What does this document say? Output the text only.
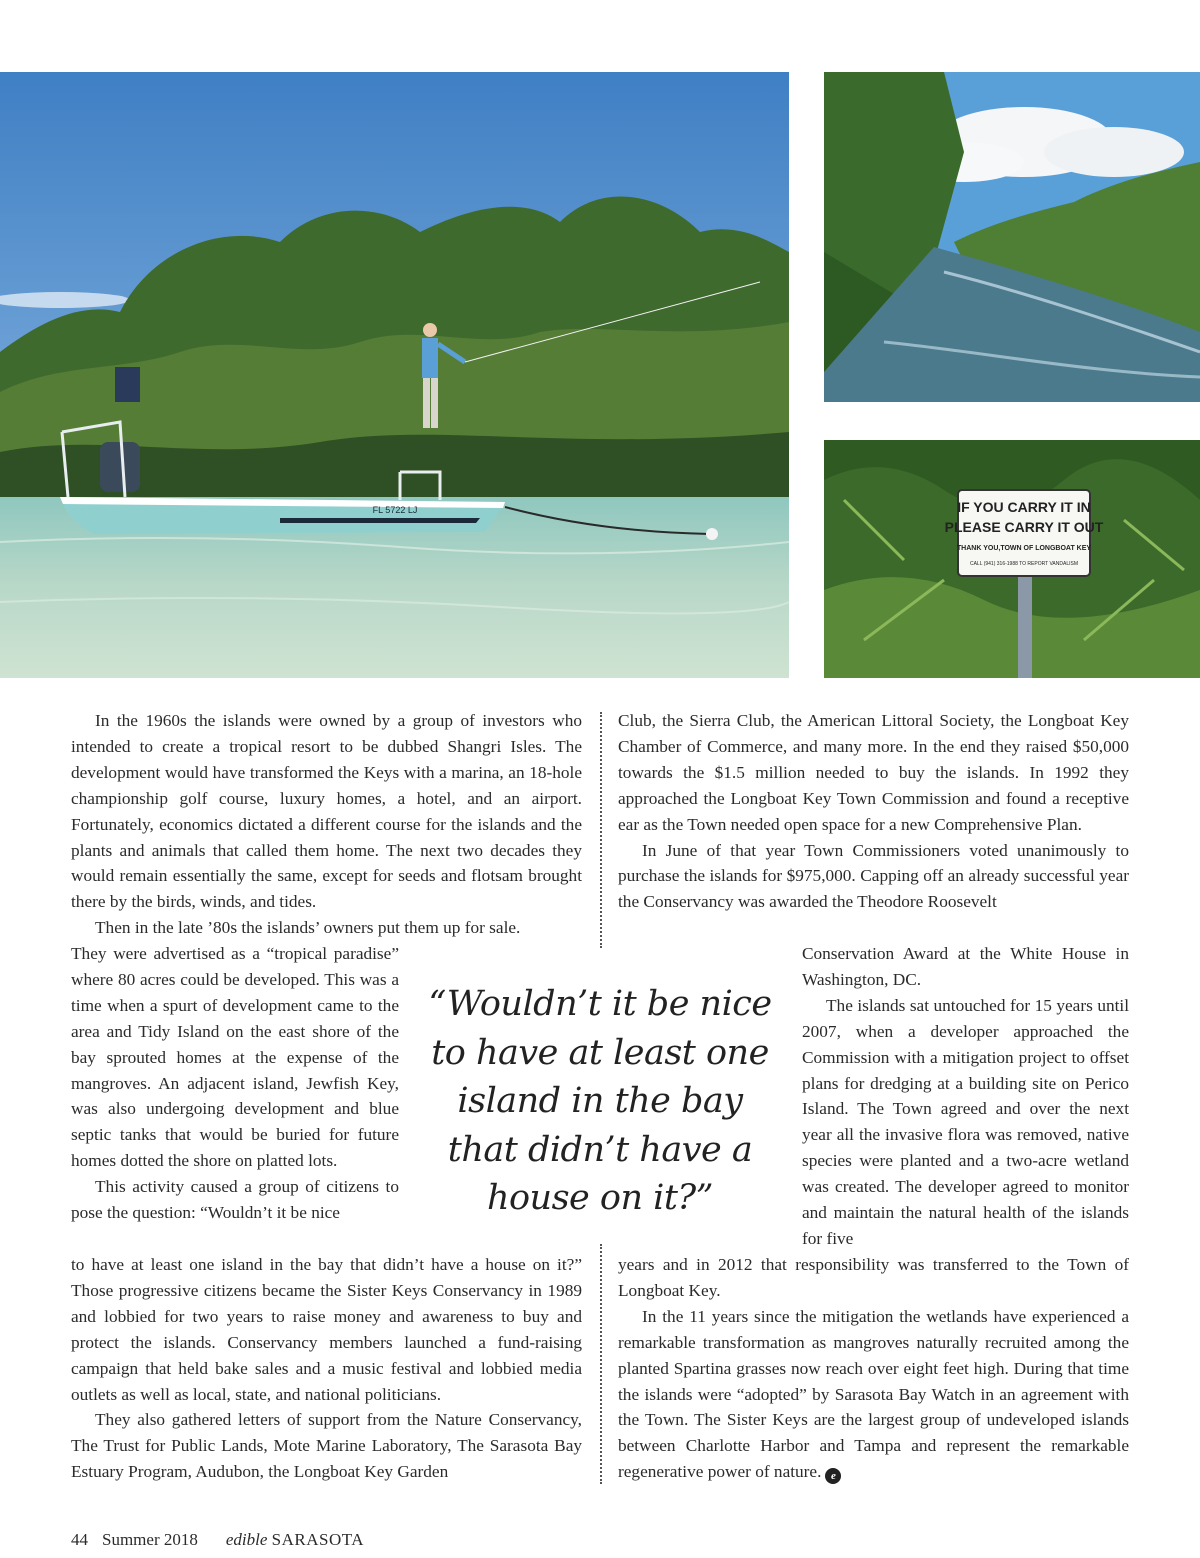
FL 5722 LJ	IF YOU CARRY IT IN
PLEASE CARRY IT OUT
THANK YOU,TOWN OF LONGBOAT KEY
CALL (941) 316-1988 TO REPORT VANDALISM

In the 1960s the islands were owned by a group of investors who intended to create a tropical resort to be dubbed Shangri Isles. The development would have transformed the Keys with a marina, an 18-hole championship golf course, luxury homes, a hotel, and an airport. Fortunately, economics dictated a different course for the islands and the plants and animals that called them home. The next two decades they would remain essentially the same, except for seeds and flotsam brought there by the birds, winds, and tides.

Then in the late ’80s the islands’ owners put them up for sale.

They were advertised as a “tropical paradise” where 80 acres could be developed. This was a time when a spurt of development came to the area and Tidy Island on the east shore of the bay sprouted homes at the expense of the mangroves. An adjacent island, Jewfish Key, was also undergoing development and blue septic tanks that would be buried for future homes dotted the shore on platted lots.

This activity caused a group of citizens to pose the question: “Wouldn’t it be nice

to have at least one island in the bay that didn’t have a house on it?” Those progressive citizens became the Sister Keys Conservancy in 1989 and lobbied for two years to raise money and awareness to buy and protect the islands. Conservancy members launched a fund-raising campaign that held bake sales and a music festival and lobbied media outlets as well as local, state, and national politicians.

They also gathered letters of support from the Nature Conservancy, The Trust for Public Lands, Mote Marine Laboratory, The Sarasota Bay Estuary Program, Audubon, the Longboat Key Garden

Club, the Sierra Club, the American Littoral Society, the Longboat Key Chamber of Commerce, and many more. In the end they raised $50,000 towards the $1.5 million needed to buy the islands. In 1992 they approached the Longboat Key Town Commission and found a receptive ear as the Town needed open space for a new Comprehensive Plan.

In June of that year Town Commissioners voted unanimously to purchase the islands for $975,000. Capping off an already successful year the Conservancy was awarded the Theodore Roosevelt

Conservation Award at the White House in Washington, DC.

The islands sat untouched for 15 years until 2007, when a developer approached the Commission with a mitigation project to offset plans for dredging at a building site on Perico Island. The Town agreed and over the next year all the invasive flora was removed, native species were planted and a two-acre wetland was created. The developer agreed to monitor and maintain the natural health of the islands for five

years and in 2012 that responsibility was transferred to the Town of Longboat Key.

In the 11 years since the mitigation the wetlands have experienced a remarkable transformation as mangroves naturally recruited among the planted Spartina grasses now reach over eight feet high. During that time the islands were “adopted” by Sarasota Bay Watch in an agreement with the Town. The Sister Keys are the largest group of undeveloped islands between Charlotte Harbor and Tampa and represent the remarkable regenerative power of nature. e

“Wouldn’t it be nice
to have at least one
island in the bay
that didn’t have a
house on it?”
44 Summer 2018 edible SARASOTA
